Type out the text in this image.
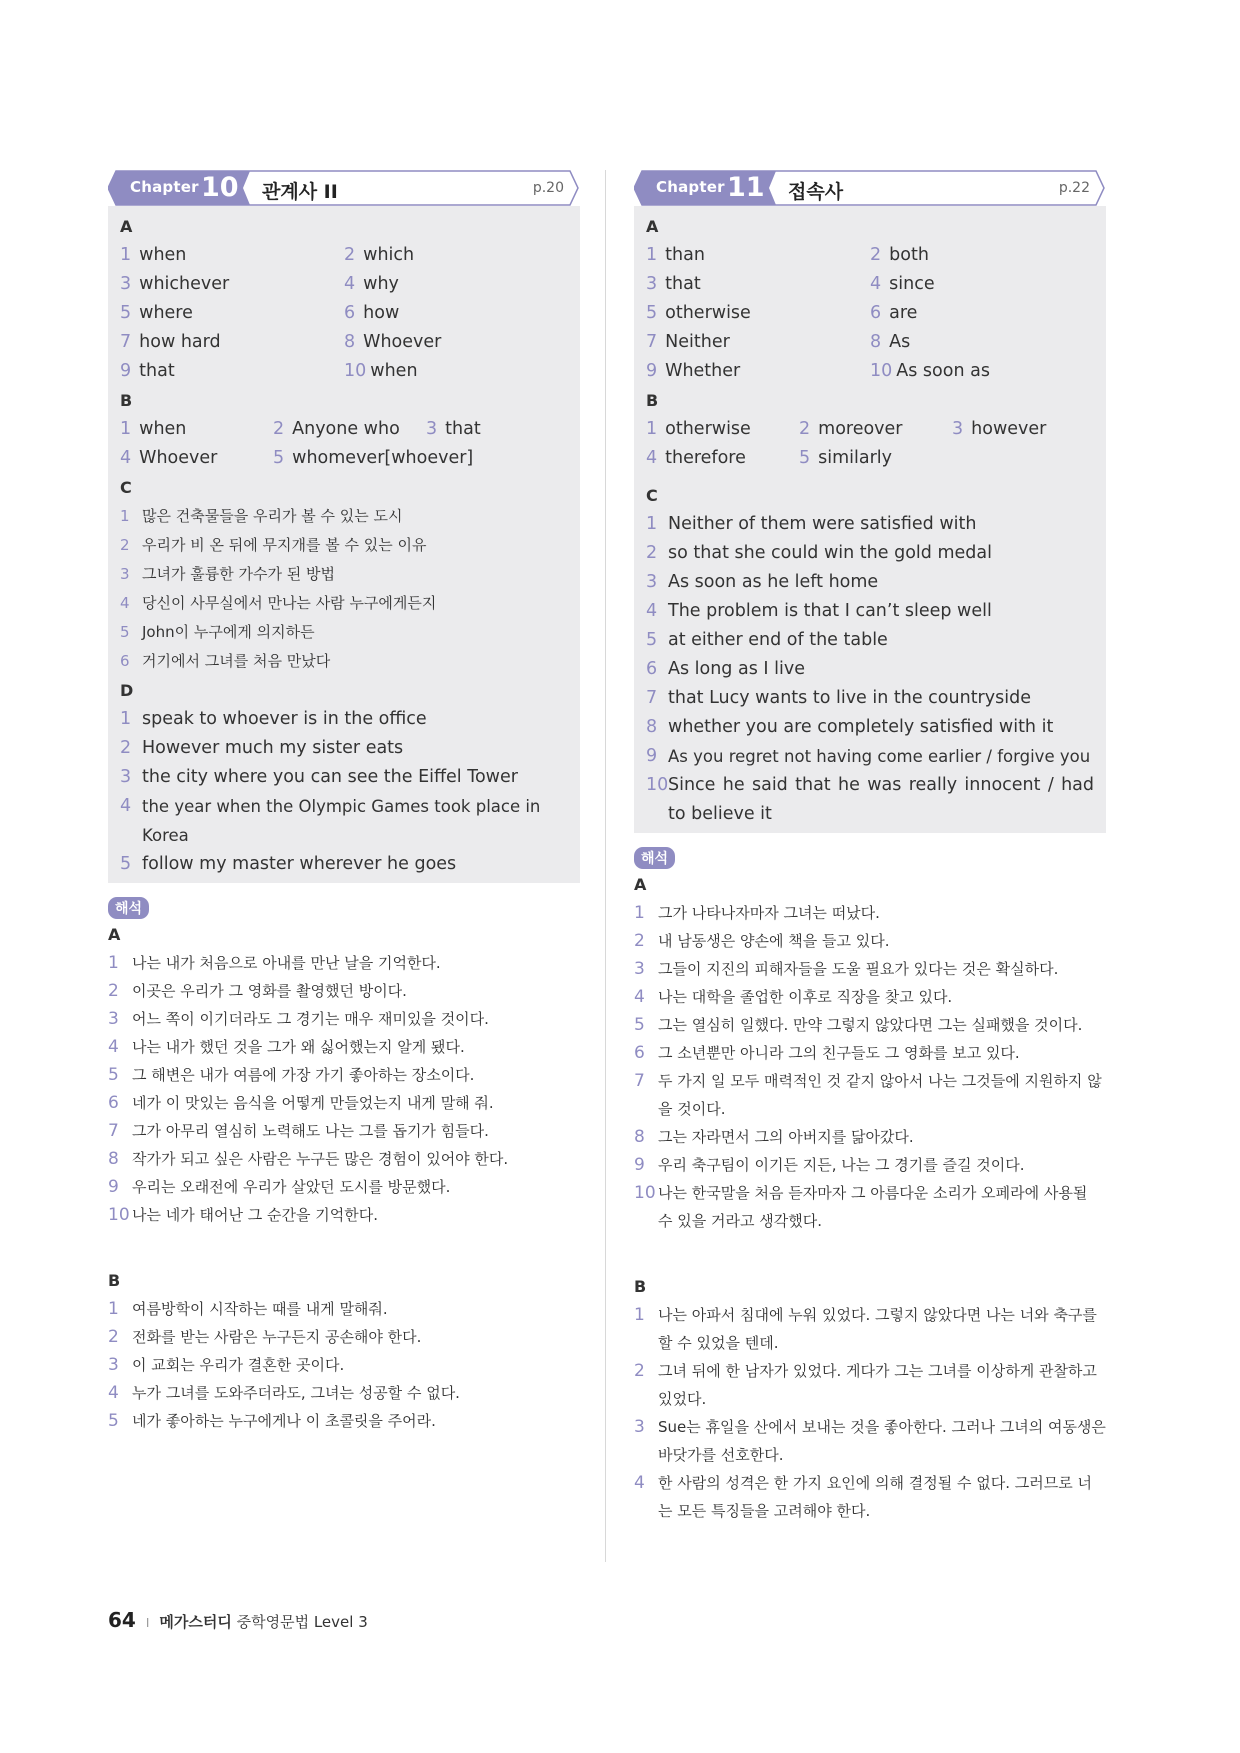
Chapter 10 관계사 II	p.20
A
1 when	2 which
3 whichever	4 why
5 where	6 how
7 how hard	8 Whoever
9 that	10 when
B
1 when	2 Anyone who 3 that
4 Whoever	5 whomever[whoever]
C
1 많은 건축물들을 우리가 볼 수 있는 도시
2 우리가 비 온 뒤에 무지개를 볼 수 있는 이유
3 그녀가 훌륭한 가수가 된 방법
4 당신이 사무실에서 만나는 사람 누구에게든지
5 John이 누구에게 의지하든
6 거기에서 그녀를 처음 만났다
D
1 speak to whoever is in the office
2 However much my sister eats
3 the city where you can see the Eiffel Tower
4 the year when the Olympic Games took place in Korea
5 follow my master wherever he goes
해석
A
1 나는 내가 처음으로 아내를 만난 날을 기억한다.
2 이곳은 우리가 그 영화를 촬영했던 방이다.
3 어느 쪽이 이기더라도 그 경기는 매우 재미있을 것이다.
4 나는 내가 했던 것을 그가 왜 싫어했는지 알게 됐다.
5 그 해변은 내가 여름에 가장 가기 좋아하는 장소이다.
6 네가 이 맛있는 음식을 어떻게 만들었는지 내게 말해 줘.
7 그가 아무리 열심히 노력해도 나는 그를 돕기가 힘들다.
8 작가가 되고 싶은 사람은 누구든 많은 경험이 있어야 한다.
9 우리는 오래전에 우리가 살았던 도시를 방문했다.
10 나는 네가 태어난 그 순간을 기억한다.
B
1 여름방학이 시작하는 때를 내게 말해줘.
2 전화를 받는 사람은 누구든지 공손해야 한다.
3 이 교회는 우리가 결혼한 곳이다.
4 누가 그녀를 도와주더라도, 그녀는 성공할 수 없다.
5 네가 좋아하는 누구에게나 이 초콜릿을 주어라.
Chapter 11 접속사	p.22
A
1 than	2 both
3 that	4 since
5 otherwise	6 are
7 Neither	8 As
9 Whether	10 As soon as
B
1 otherwise	2 moreover	3 however
4 therefore	5 similarly
C
1 Neither of them were satisfied with
2 so that she could win the gold medal
3 As soon as he left home
4 The problem is that I can’t sleep well
5 at either end of the table
6 As long as I live
7 that Lucy wants to live in the countryside
8 whether you are completely satisfied with it
9 As you regret not having come earlier / forgive you
10 Since he said that he was really innocent / had to believe it
해석
A
1 그가 나타나자마자 그녀는 떠났다.
2 내 남동생은 양손에 책을 들고 있다.
3 그들이 지진의 피해자들을 도울 필요가 있다는 것은 확실하다.
4 나는 대학을 졸업한 이후로 직장을 찾고 있다.
5 그는 열심히 일했다. 만약 그렇지 않았다면 그는 실패했을 것이다.
6 그 소년뿐만 아니라 그의 친구들도 그 영화를 보고 있다.
7 두 가지 일 모두 매력적인 것 같지 않아서 나는 그것들에 지원하지 않을 것이다.
8 그는 자라면서 그의 아버지를 닮아갔다.
9 우리 축구팀이 이기든 지든, 나는 그 경기를 즐길 것이다.
10 나는 한국말을 처음 듣자마자 그 아름다운 소리가 오페라에 사용될 수 있을 거라고 생각했다.
B
1 나는 아파서 침대에 누워 있었다. 그렇지 않았다면 나는 너와 축구를 할 수 있었을 텐데.
2 그녀 뒤에 한 남자가 있었다. 게다가 그는 그녀를 이상하게 관찰하고 있었다.
3 Sue는 휴일을 산에서 보내는 것을 좋아한다. 그러나 그녀의 여동생은 바닷가를 선호한다.
4 한 사람의 성격은 한 가지 요인에 의해 결정될 수 없다. 그러므로 너는 모든 특징들을 고려해야 한다.
64 I 메가스터디 중학영문법 Level 3
